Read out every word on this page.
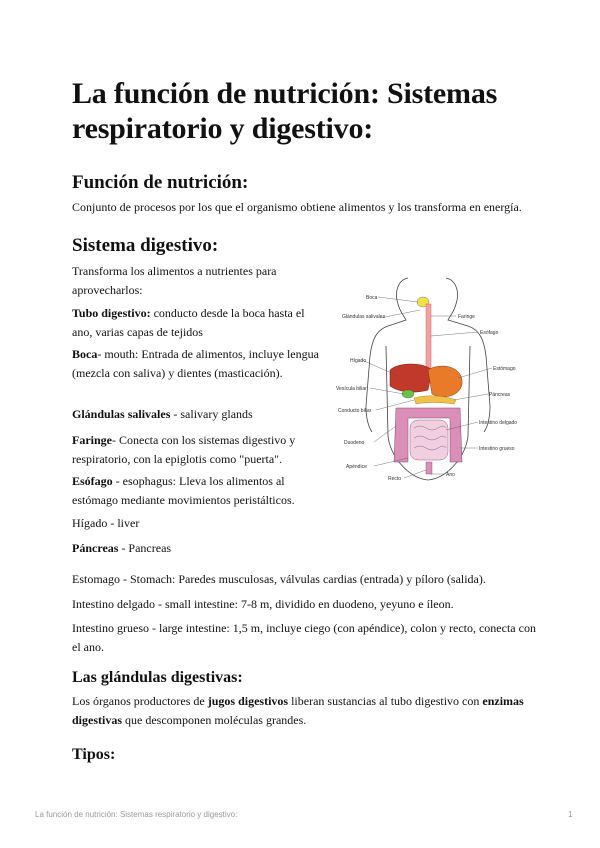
La función de nutrición: Sistemas respiratorio y digestivo:
Función de nutrición:

Conjunto de procesos por los que el organismo obtiene alimentos y los transforma en energía.

Sistema digestivo:

Transforma los alimentos a nutrientes para aprovecharlos:

Tubo digestivo: conducto desde la boca hasta el ano, varias capas de tejidos

Boca- mouth: Entrada de alimentos, incluye lengua (mezcla con saliva) y dientes (masticación).

Glándulas salivales - salivary glands

Faringe- Conecta con los sistemas digestivo y respiratorio, con la epiglotis como "puerta".

Esófago - esophagus: Lleva los alimentos al estómago mediante movimientos peristálticos.

Hígado - liver

Páncreas - Pancreas

Estomago - Stomach: Paredes musculosas, válvulas cardias (entrada) y píloro (salida).

Intestino delgado - small intestine: 7-8 m, dividido en duodeno, yeyuno e íleon.

Intestino grueso - large intestine: 1,5 m, incluye ciego (con apéndice), colon y recto, conecta con el ano.

Boca
Glándulas salivales	Faringe
Esófago
Hígado
Estómago
Vesícula biliar
Páncreas
Conducto biliar
Intestino delgado
Duodeno
Intestino grueso
Apéndice
Recto
Ano
Las glándulas digestivas:

Los órganos productores de jugos digestivos liberan sustancias al tubo digestivo con enzimas digestivas que descomponen moléculas grandes.

Tipos:
La función de nutrición: Sistemas respiratorio y digestivo:	1
